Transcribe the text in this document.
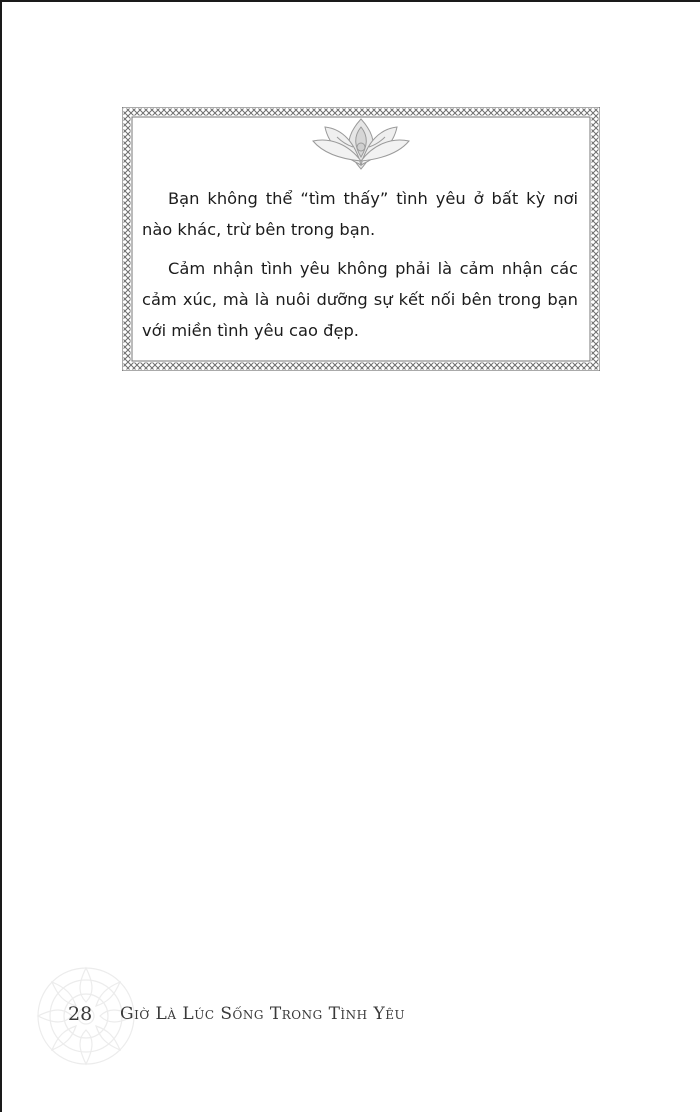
Bạn không thể “tìm thấy” tình yêu ở bất kỳ nơi nào khác, trừ bên trong bạn.

Cảm nhận tình yêu không phải là cảm nhận các cảm xúc, mà là nuôi dưỡng sự kết nối bên trong bạn với miền tình yêu cao đẹp.

28 Giờ Là Lúc Sống Trong Tình Yêu
